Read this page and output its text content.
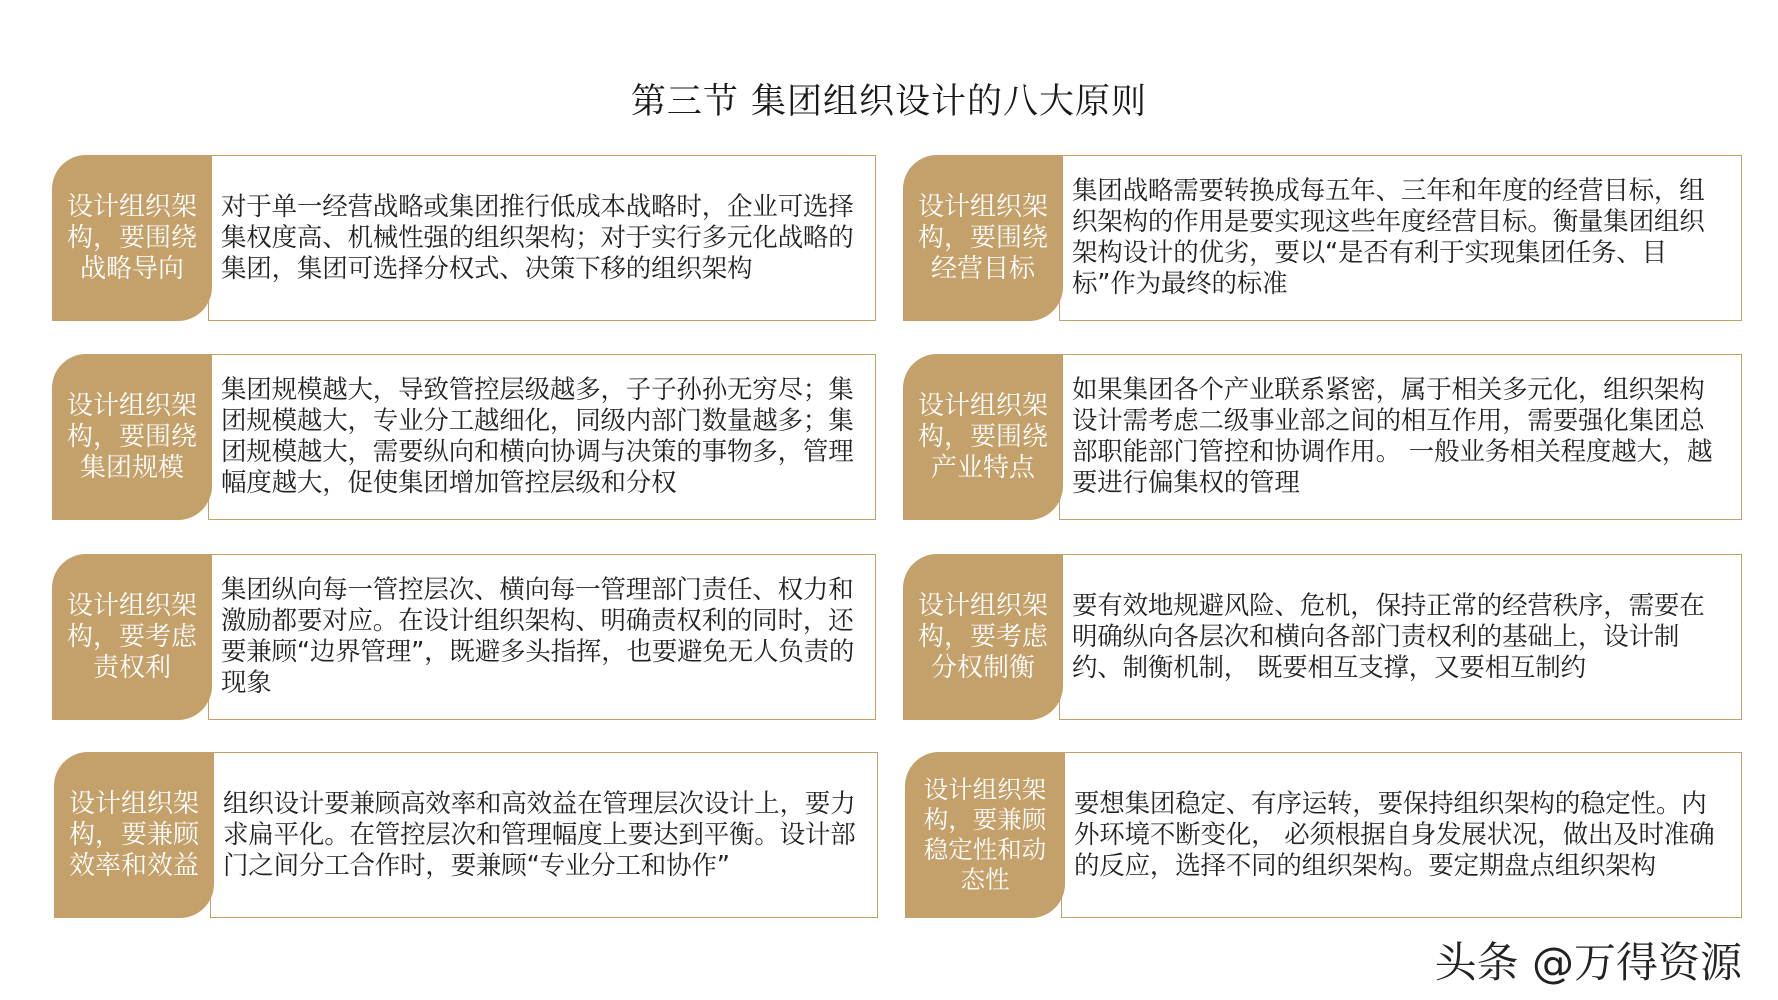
第三节 集团组织设计的八大原则
设计组织架构，要围绕战略导向
对于单一经营战略或集团推行低成本战略时，企业可选择集权度高、机械性强的组织架构；对于实行多元化战略的集团，集团可选择分权式、决策下移的组织架构
设计组织架构，要围绕经营目标
集团战略需要转换成每五年、三年和年度的经营目标，组织架构的作用是要实现这些年度经营目标。衡量集团组织架构设计的优劣，要以“是否有利于实现集团任务、目标”作为最终的标准
设计组织架构，要围绕集团规模
集团规模越大，导致管控层级越多，子子孙孙无穷尽；集团规模越大，专业分工越细化，同级内部门数量越多；集团规模越大，需要纵向和横向协调与决策的事物多，管理幅度越大，促使集团增加管控层级和分权
设计组织架构，要围绕产业特点
如果集团各个产业联系紧密，属于相关多元化，组织架构设计需考虑二级事业部之间的相互作用，需要强化集团总部职能部门管控和协调作用。 一般业务相关程度越大，越要进行偏集权的管理
设计组织架构，要考虑责权利
集团纵向每一管控层次、横向每一管理部门责任、权力和激励都要对应。在设计组织架构、明确责权利的同时，还要兼顾“边界管理”，既避多头指挥，也要避免无人负责的现象
设计组织架构，要考虑分权制衡
要有效地规避风险、危机，保持正常的经营秩序，需要在明确纵向各层次和横向各部门责权利的基础上，设计制约、制衡机制， 既要相互支撑，又要相互制约
设计组织架构，要兼顾效率和效益
组织设计要兼顾高效率和高效益在管理层次设计上，要力求扁平化。在管控层次和管理幅度上要达到平衡。设计部门之间分工合作时，要兼顾“专业分工和协作”
设计组织架构，要兼顾稳定性和动态性
要想集团稳定、有序运转，要保持组织架构的稳定性。内外环境不断变化， 必须根据自身发展状况，做出及时准确的反应，选择不同的组织架构。要定期盘点组织架构
头条 @万得资源
